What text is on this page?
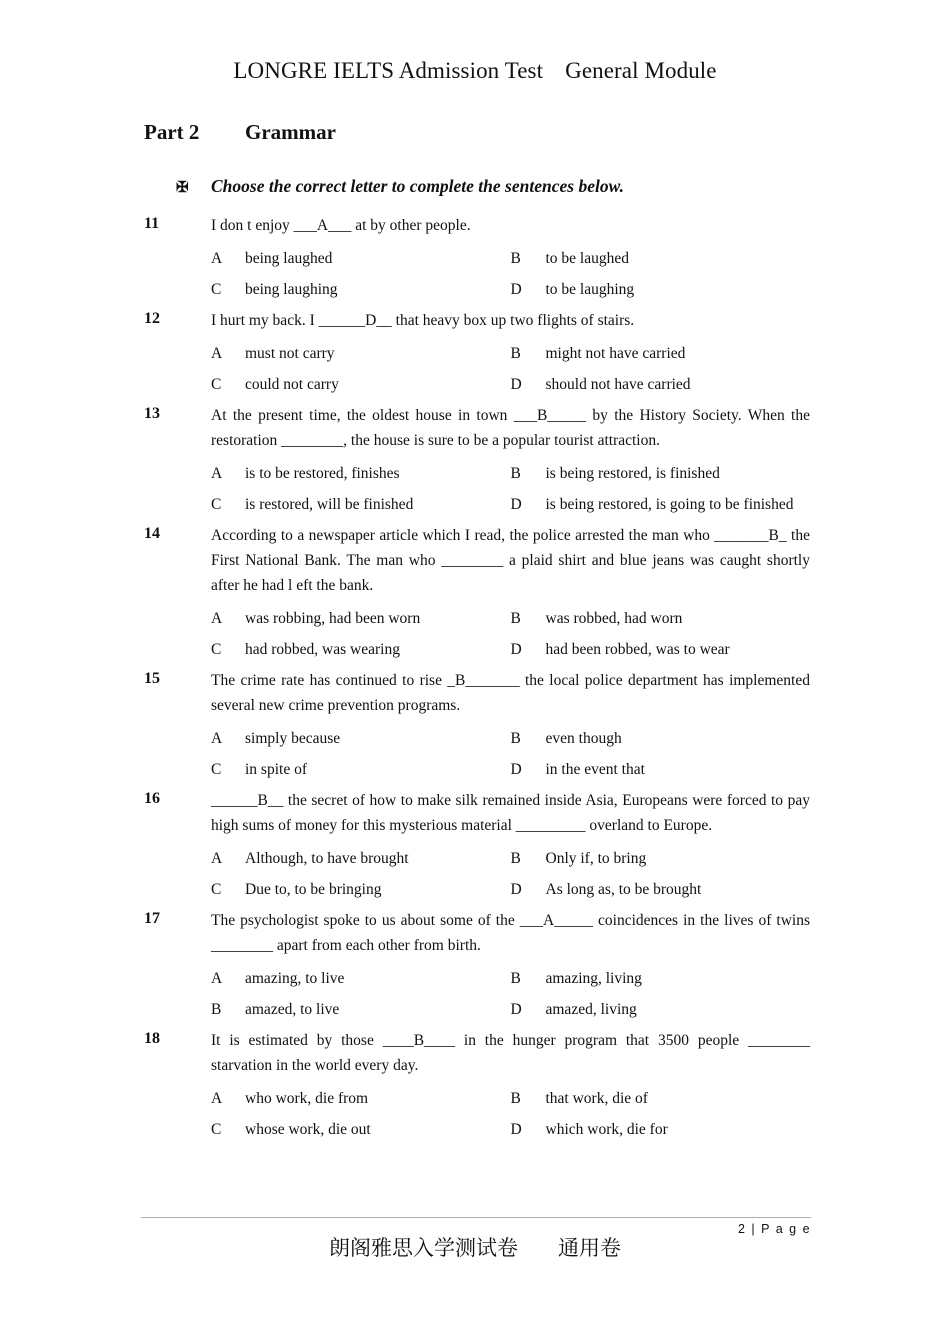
LONGRE IELTS Admission Test General Module
Part 2 Grammar
✠ Choose the correct letter to complete the sentences below.
11	I don t enjoy ___A___ at by other people.
A being laughed	B to be laughed
C being laughing	D to be laughing
12	I hurt my back. I ______D__ that heavy box up two flights of stairs.
A must not carry	B might not have carried
C could not carry	D should not have carried
13	At the present time, the oldest house in town ___B_____ by the History Society. When the restoration ________, the house is sure to be a popular tourist attraction.
A is to be restored, finishes	B is being restored, is finished
C is restored, will be finished	D is being restored, is going to be finished
14	According to a newspaper article which I read, the police arrested the man who _______B_ the First National Bank. The man who ________ a plaid shirt and blue jeans was caught shortly after he had l eft the bank.
A was robbing, had been worn	B was robbed, had worn
C had robbed, was wearing	D had been robbed, was to wear
15	The crime rate has continued to rise _B_______ the local police department has implemented several new crime prevention programs.
A simply because	B even though
C in spite of	D in the event that
16	______B__ the secret of how to make silk remained inside Asia, Europeans were forced to pay high sums of money for this mysterious material _________ overland to Europe.
A Although, to have brought	B Only if, to bring
C Due to, to be bringing	D As long as, to be brought
17	The psychologist spoke to us about some of the ___A_____ coincidences in the lives of twins ________ apart from each other from birth.
A amazing, to live	B amazing, living
B amazed, to live	D amazed, living
18	It is estimated by those ____B____ in the hunger program that 3500 people ________ starvation in the world every day.
A who work, die from	B that work, die of
C whose work, die out	D which work, die for
2 | P a g e
朗阁雅思入学测试卷 通用卷
